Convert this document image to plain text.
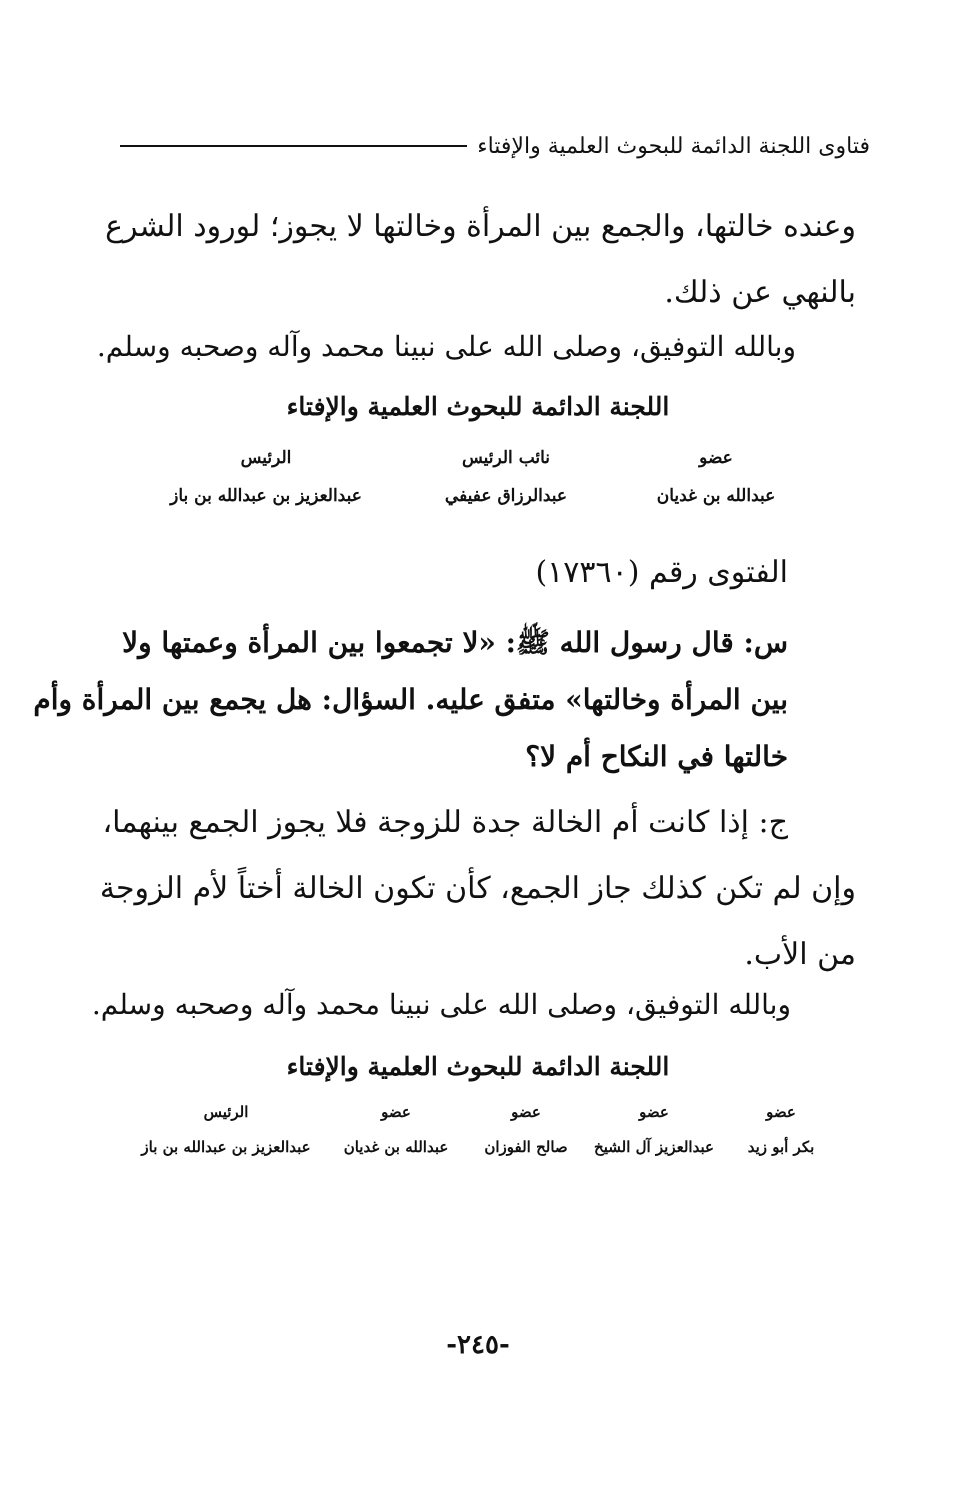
فتاوى اللجنة الدائمة للبحوث العلمية والإفتاء
وعنده خالتها، والجمع بين المرأة وخالتها لا يجوز؛ لورود الشرع
بالنهي عن ذلك.
وبالله التوفيق، وصلى الله على نبينا محمد وآله وصحبه وسلم.
اللجنة الدائمة للبحوث العلمية والإفتاء
عضو
عبدالله بن غديان
نائب الرئيس
عبدالرزاق عفيفي
الرئيس
عبدالعزيز بن عبدالله بن باز
الفتوى رقم (١٧٣٦٠)
س: قال رسول الله ﷺ: «لا تجمعوا بين المرأة وعمتها ولا
بين المرأة وخالتها» متفق عليه. السؤال: هل يجمع بين المرأة وأم
خالتها في النكاح أم لا؟
ج: إذا كانت أم الخالة جدة للزوجة فلا يجوز الجمع بينهما،
وإن لم تكن كذلك جاز الجمع، كأن تكون الخالة أختاً لأم الزوجة
من الأب.
وبالله التوفيق، وصلى الله على نبينا محمد وآله وصحبه وسلم.
اللجنة الدائمة للبحوث العلمية والإفتاء
عضو
بكر أبو زيد
عضو
عبدالعزيز آل الشيخ
عضو
صالح الفوزان
عضو
عبدالله بن غديان
الرئيس
عبدالعزيز بن عبدالله بن باز
-٢٤٥-
